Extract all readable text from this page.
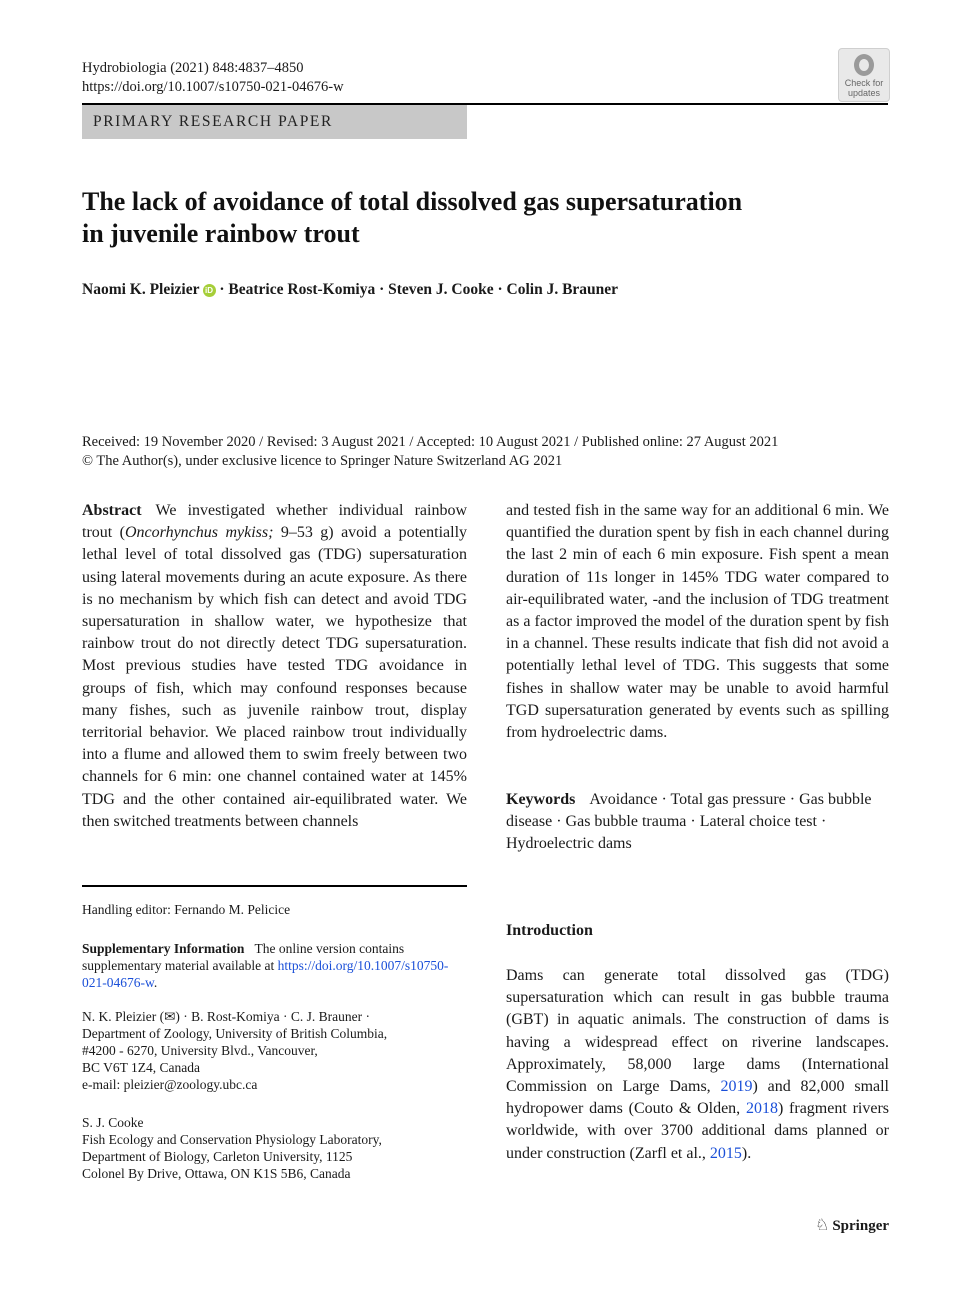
Hydrobiologia (2021) 848:4837–4850
https://doi.org/10.1007/s10750-021-04676-w	Check for
updates
PRIMARY RESEARCH PAPER
The lack of avoidance of total dissolved gas supersaturation
in juvenile rainbow trout
Naomi K. Pleizier iD · Beatrice Rost-Komiya · Steven J. Cooke · Colin J. Brauner
Received: 19 November 2020 / Revised: 3 August 2021 / Accepted: 10 August 2021 / Published online: 27 August 2021
© The Author(s), under exclusive licence to Springer Nature Switzerland AG 2021

Abstract We investigated whether individual rainbow trout (Oncorhynchus mykiss; 9–53 g) avoid a potentially lethal level of total dissolved gas (TDG) supersaturation using lateral movements during an acute exposure. As there is no mechanism by which fish can detect and avoid TDG supersaturation in shallow water, we hypothesize that rainbow trout do not directly detect TDG supersaturation. Most previous studies have tested TDG avoidance in groups of fish, which may confound responses because many fishes, such as juvenile rainbow trout, display territorial behavior. We placed rainbow trout individually into a flume and allowed them to swim freely between two channels for 6 min: one channel contained water at 145% TDG and the other contained air-equilibrated water. We then switched treatments between channels

and tested fish in the same way for an additional 6 min. We quantified the duration spent by fish in each channel during the last 2 min of each 6 min exposure. Fish spent a mean duration of 11s longer in 145% TDG water compared to air-equilibrated water, -and the inclusion of TDG treatment as a factor improved the model of the duration spent by fish in a channel. These results indicate that fish did not avoid a potentially lethal level of TDG. This suggests that some fishes in shallow water may be unable to avoid harmful TGD supersaturation generated by events such as spilling from hydroelectric dams.

Keywords Avoidance · Total gas pressure · Gas bubble disease · Gas bubble trauma · Lateral choice test · Hydroelectric dams

Handling editor: Fernando M. Pelicice

Supplementary Information The online version contains supplementary material available at https://doi.org/10.1007/s10750-021-04676-w.

N. K. Pleizier (✉) · B. Rost-Komiya · C. J. Brauner ·

Department of Zoology, University of British Columbia,

#4200 - 6270, University Blvd., Vancouver,

BC V6T 1Z4, Canada

e-mail: pleizier@zoology.ubc.ca

S. J. Cooke

Fish Ecology and Conservation Physiology Laboratory,

Department of Biology, Carleton University, 1125

Colonel By Drive, Ottawa, ON K1S 5B6, Canada

Introduction

Dams can generate total dissolved gas (TDG) supersaturation which can result in gas bubble trauma (GBT) in aquatic animals. The construction of dams is having a widespread effect on riverine landscapes. Approximately, 58,000 large dams (International Commission on Large Dams, 2019) and 82,000 small hydropower dams (Couto & Olden, 2018) fragment rivers worldwide, with over 3700 additional dams planned or under construction (Zarfl et al., 2015).

♘ Springer
